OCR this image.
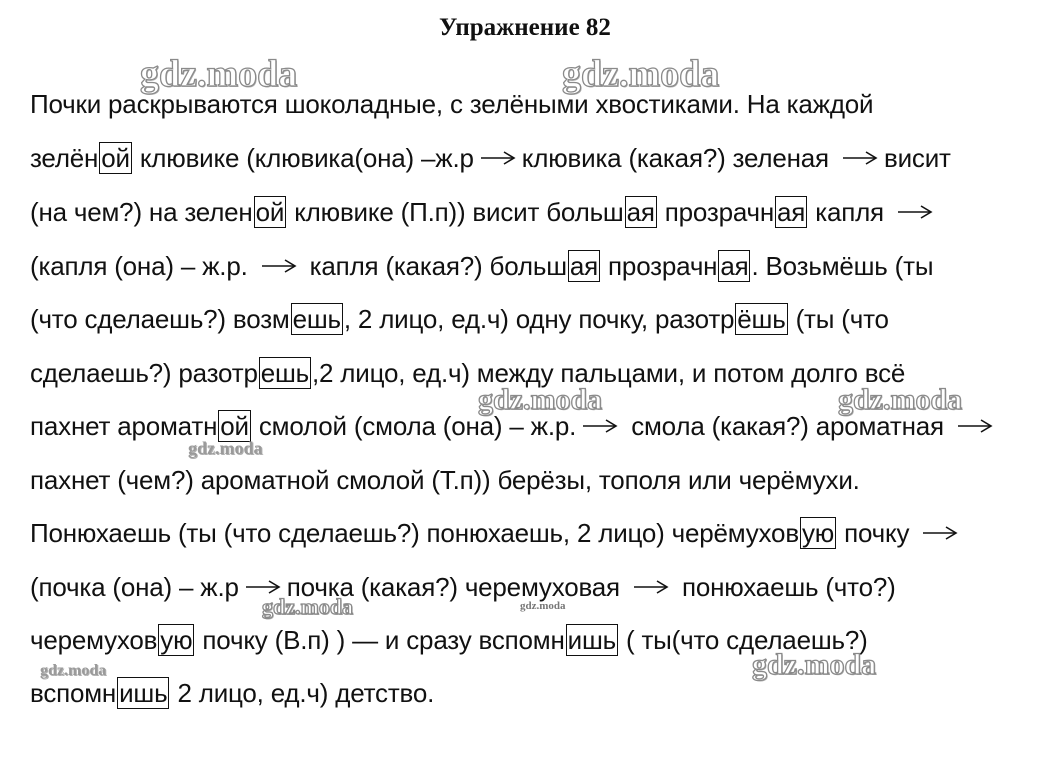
Упражнение 82
Почки раскрываются шоколадные, с зелёными хвостиками. На каждой
зелён ой клювике (клювика(она) –ж.р клювика (какая?) зеленая
висит
(на чем?) на зелен ой клювике (П.п)) висит больш ая прозрачн ая капля
(капля (она) – ж.р.
капля (какая?) больш ая прозрачн ая . Возьмёшь (ты
(что сделаешь?) возм ешь , 2 лицо, ед.ч) одну почку, разотр ёшь (ты (что
сделаешь?) разотр ешь ,2 лицо, ед.ч) между пальцами, и потом долго всё
пахнет ароматн ой смолой (смола (она) – ж.р.
смола (какая?) ароматная
пахнет (чем?) ароматной смолой (Т.п)) берёзы, тополя или черёмухи.
Понюхаешь (ты (что сделаешь?) понюхаешь, 2 лицо) черёмухов ую почку
(почка (она) – ж.р почка (какая?) черемуховая
понюхаешь (что?)
черемухов ую почку (В.п) ) — и сразу вспомн ишь ( ты(что сделаешь?)
вспомн ишь 2 лицо, ед.ч) детство.
gdz.moda	gdz.moda
gdz.moda	gdz.moda
gdz.moda
gdz.moda	gdz.moda
gdz.moda
gdz.moda
